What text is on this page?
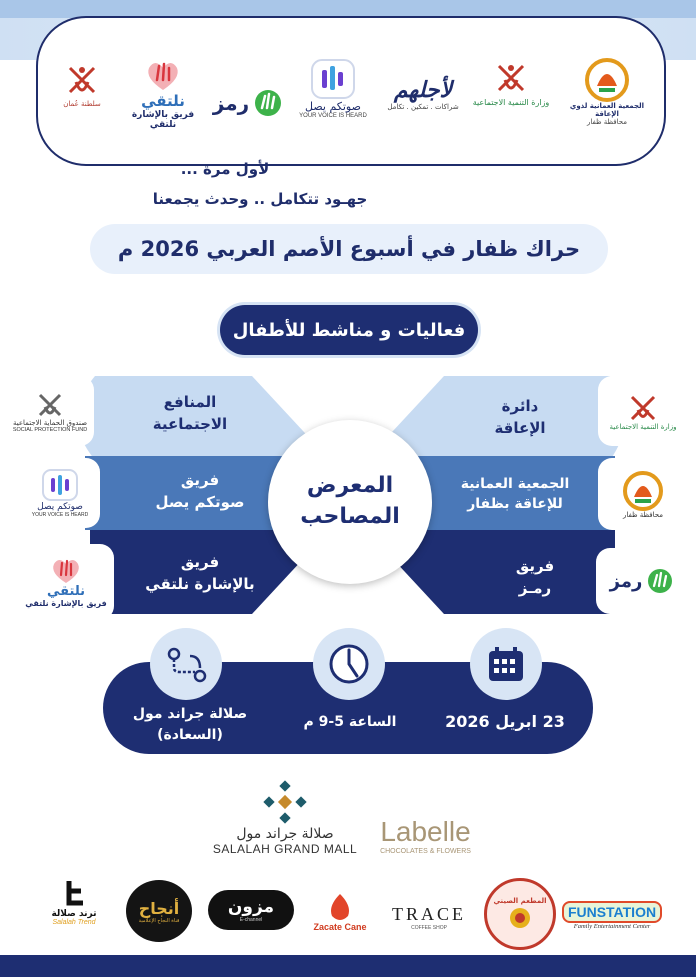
الجمعية العمانية لذوي الإعاقة
محافظة ظفار
وزارة التنمية الاجتماعية
لأجلهم
شراكات . تمكين . تكامل
صوتكم يصل
YOUR VOICE IS HEARD
رمز
نلتقي
فريق بالإشارة نلتقي
سلطنة عُمان
لأول مرة ...
جهـود تتكامل .. وحدث يجمعنا
حراك ظفار في أسبوع الأصم العربي 2026 م
فعاليات و مناشط للأطفال
المعرض
المصاحب
المنافع
الاجتماعية
فريق
صوتكم يصل
فريق
بالإشارة نلتقي
دائرة
الإعاقة
الجمعية العمانية
للإعاقة بظفار
فريق
رمـز
صندوق الحماية الاجتماعية
SOCIAL PROTECTION FUND
صوتكم يصل
YOUR VOICE IS HEARD
نلتقي
فريق بالإشارة نلتقي
وزارة التنمية الاجتماعية
محافظة ظفار
رمز
23 ابريل 2026
الساعة 5-9 م
صلالة جراند مول
(السعادة)
صلالة جراند مول
SALALAH GRAND MALL
Labelle
CHOCOLATES & FLOWERS
FUNSTATION
Family Entertainment Center
المطعم الصيني
TRACE
COFFEE SHOP
Zacate Cane
مزون
E-channel
أنجاح
قناة النجاح الإعلامية
ترند صلالة
Salalah Trend
